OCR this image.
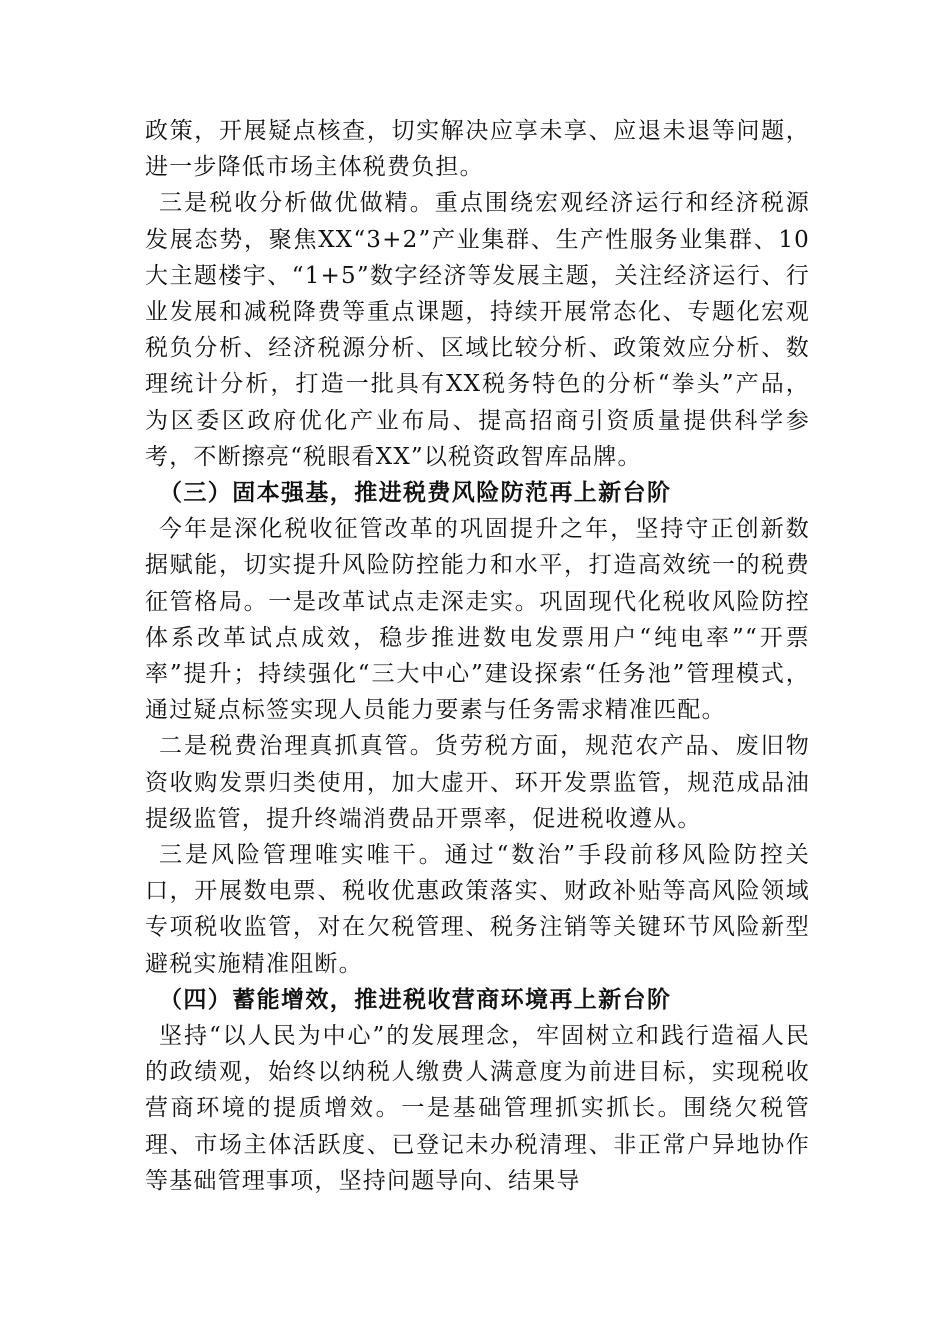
政策，开展疑点核查，切实解决应享未享、应退未退等问题，进一步降低市场主体税费负担。

三是税收分析做优做精。重点围绕宏观经济运行和经济税源发展态势，聚焦XX“3+2”产业集群、生产性服务业集群、10大主题楼宇、“1+5”数字经济等发展主题，关注经济运行、行业发展和减税降费等重点课题，持续开展常态化、专题化宏观税负分析、经济税源分析、区域比较分析、政策效应分析、数理统计分析，打造一批具有XX税务特色的分析“拳头”产品，为区委区政府优化产业布局、提高招商引资质量提供科学参考，不断擦亮“税眼看XX”以税资政智库品牌。

（三）固本强基，推进税费风险防范再上新台阶

今年是深化税收征管改革的巩固提升之年，坚持守正创新数据赋能，切实提升风险防控能力和水平，打造高效统一的税费征管格局。一是改革试点走深走实。巩固现代化税收风险防控体系改革试点成效，稳步推进数电发票用户“纯电率”“开票率”提升；持续强化“三大中心”建设探索“任务池”管理模式，通过疑点标签实现人员能力要素与任务需求精准匹配。

二是税费治理真抓真管。货劳税方面，规范农产品、废旧物资收购发票归类使用，加大虚开、环开发票监管，规范成品油提级监管，提升终端消费品开票率，促进税收遵从。

三是风险管理唯实唯干。通过“数治”手段前移风险防控关口，开展数电票、税收优惠政策落实、财政补贴等高风险领域专项税收监管，对在欠税管理、税务注销等关键环节风险新型避税实施精准阻断。

（四）蓄能增效，推进税收营商环境再上新台阶

坚持“以人民为中心”的发展理念，牢固树立和践行造福人民的政绩观，始终以纳税人缴费人满意度为前进目标，实现税收营商环境的提质增效。一是基础管理抓实抓长。围绕欠税管理、市场主体活跃度、已登记未办税清理、非正常户异地协作等基础管理事项，坚持问题导向、结果导
